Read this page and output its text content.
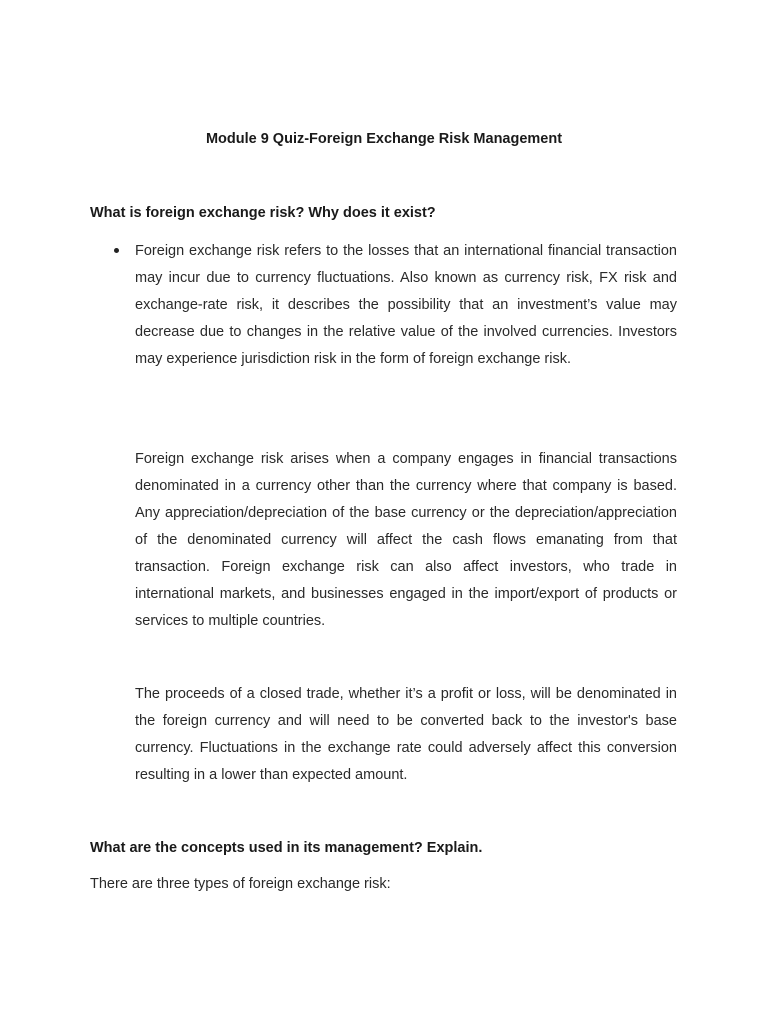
Module 9 Quiz-Foreign Exchange Risk Management
What is foreign exchange risk? Why does it exist?

Foreign exchange risk refers to the losses that an international financial transaction may incur due to currency fluctuations. Also known as currency risk, FX risk and exchange-rate risk, it describes the possibility that an investment’s value may decrease due to changes in the relative value of the involved currencies. Investors may experience jurisdiction risk in the form of foreign exchange risk.

Foreign exchange risk arises when a company engages in financial transactions denominated in a currency other than the currency where that company is based. Any appreciation/depreciation of the base currency or the depreciation/appreciation of the denominated currency will affect the cash flows emanating from that transaction. Foreign exchange risk can also affect investors, who trade in international markets, and businesses engaged in the import/export of products or services to multiple countries.

The proceeds of a closed trade, whether it’s a profit or loss, will be denominated in the foreign currency and will need to be converted back to the investor's base currency. Fluctuations in the exchange rate could adversely affect this conversion resulting in a lower than expected amount.

What are the concepts used in its management? Explain.

There are three types of foreign exchange risk:
